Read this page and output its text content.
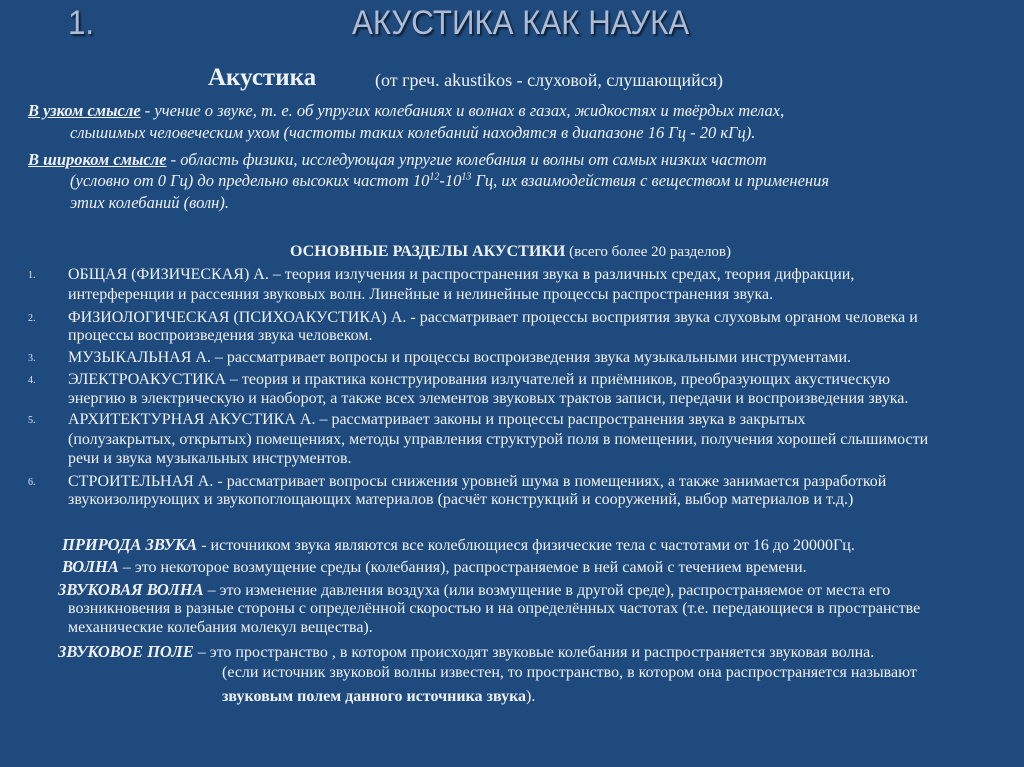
1.	АКУСТИКА КАК НАУКА
Акустика	(от греч. akustikos - слуховой, слушающийся)
В узком смысле - учение о звуке, т. е. об упругих колебаниях и волнах в газах, жидкостях и твёрдых телах,
слышимых человеческим ухом (частоты таких колебаний находятся в диапазоне 16 Гц - 20 кГц).
В широком смысле - область физики, исследующая упругие колебания и волны от самых низких частот
(условно от 0 Гц) до предельно высоких частот $10^{12}-10^{13}$ Гц, их взаимодействия с веществом и применения
этих колебаний (волн).
ОСНОВНЫЕ РАЗДЕЛЫ АКУСТИКИ (всего более 20 разделов)
1. ОБЩАЯ (ФИЗИЧЕСКАЯ) А. – теория излучения и распространения звука в различных средах, теория дифракции,
интерференции и рассеяния звуковых волн. Линейные и нелинейные процессы распространения звука.
2. ФИЗИОЛОГИЧЕСКАЯ (ПСИХОАКУСТИКА) А. - рассматривает процессы восприятия звука слуховым органом человека и
процессы воспроизведения звука человеком.
3. МУЗЫКАЛЬНАЯ А. – рассматривает вопросы и процессы воспроизведения звука музыкальными инструментами.
4. ЭЛЕКТРОАКУСТИКА – теория и практика конструирования излучателей и приёмников, преобразующих акустическую
энергию в электрическую и наоборот, а также всех элементов звуковых трактов записи, передачи и воспроизведения звука.
5. АРХИТЕКТУРНАЯ АКУСТИКА А. – рассматривает законы и процессы распространения звука в закрытых
(полузакрытых, открытых) помещениях, методы управления структурой поля в помещении, получения хорошей слышимости
речи и звука музыкальных инструментов.
6. СТРОИТЕЛЬНАЯ А. - рассматривает вопросы снижения уровней шума в помещениях, а также занимается разработкой
звукоизолирующих и звукопоглощающих материалов (расчёт конструкций и сооружений, выбор материалов и т.д.)
ПРИРОДА ЗВУКА - источником звука являются все колеблющиеся физические тела с частотами от 16 до 20000Гц.
ВОЛНА – это некоторое возмущение среды (колебания), распространяемое в ней самой с течением времени.
ЗВУКОВАЯ ВОЛНА – это изменение давления воздуха (или возмущение в другой среде), распространяемое от места его
возникновения в разные стороны с определённой скоростью и на определённых частотах (т.е. передающиеся в пространстве
механические колебания молекул вещества).
ЗВУКОВОЕ ПОЛЕ – это пространство , в котором происходят звуковые колебания и распространяется звуковая волна.
(если источник звуковой волны известен, то пространство, в котором она распространяется называют
звуковым полем данного источника звука).
